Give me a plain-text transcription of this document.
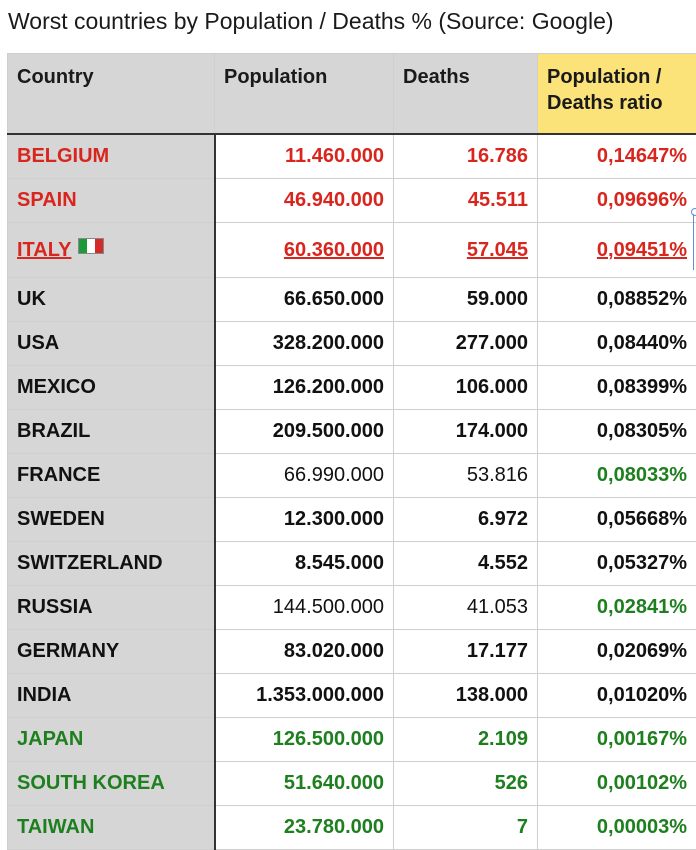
Worst countries by Population / Deaths % (Source: Google)
Country	Population	Deaths	Population /
Deaths ratio
BELGIUM	11.460.000	16.786	0,14647%
SPAIN	46.940.000	45.511	0,09696%
ITALY	60.360.000	57.045	0,09451%
UK	66.650.000	59.000	0,08852%
USA	328.200.000	277.000	0,08440%
MEXICO	126.200.000	106.000	0,08399%
BRAZIL	209.500.000	174.000	0,08305%
FRANCE	66.990.000	53.816	0,08033%
SWEDEN	12.300.000	6.972	0,05668%
SWITZERLAND	8.545.000	4.552	0,05327%
RUSSIA	144.500.000	41.053	0,02841%
GERMANY	83.020.000	17.177	0,02069%
INDIA	1.353.000.000	138.000	0,01020%
JAPAN	126.500.000	2.109	0,00167%
SOUTH KOREA	51.640.000	526	0,00102%
TAIWAN	23.780.000	7	0,00003%
